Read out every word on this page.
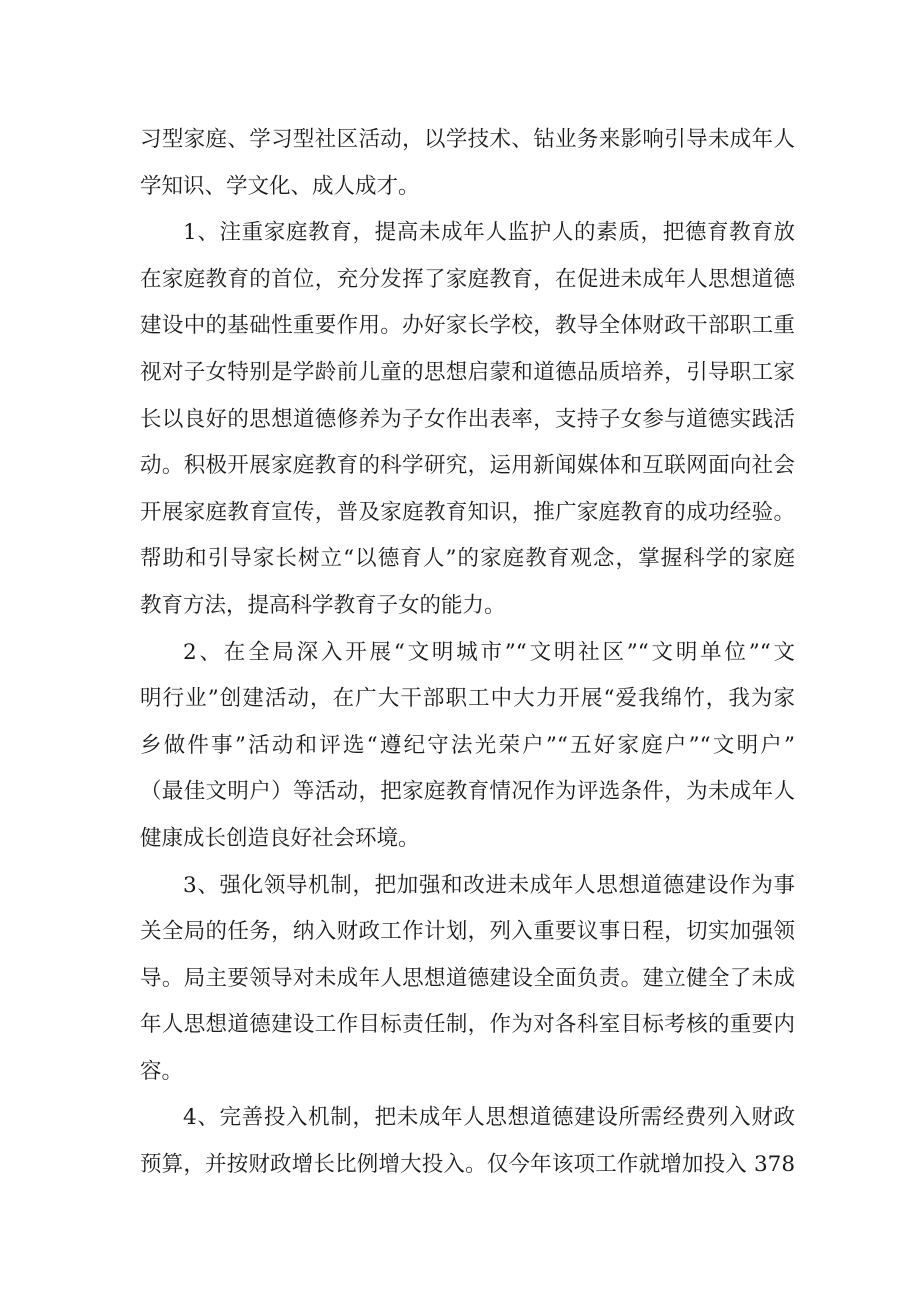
习型家庭、学习型社区活动，以学技术、钻业务来影响引导未成年人
学知识、学文化、成人成才。
1、注重家庭教育，提高未成年人监护人的素质，把德育教育放
在家庭教育的首位，充分发挥了家庭教育，在促进未成年人思想道德
建设中的基础性重要作用。办好家长学校，教导全体财政干部职工重
视对子女特别是学龄前儿童的思想启蒙和道德品质培养，引导职工家
长以良好的思想道德修养为子女作出表率，支持子女参与道德实践活
动。积极开展家庭教育的科学研究，运用新闻媒体和互联网面向社会
开展家庭教育宣传，普及家庭教育知识，推广家庭教育的成功经验。
帮助和引导家长树立“以德育人”的家庭教育观念，掌握科学的家庭
教育方法，提高科学教育子女的能力。
2、在全局深入开展“文明城市”“文明社区”“文明单位”“文
明行业”创建活动，在广大干部职工中大力开展“爱我绵竹，我为家
乡做件事”活动和评选“遵纪守法光荣户”“五好家庭户”“文明户”
（最佳文明户）等活动，把家庭教育情况作为评选条件，为未成年人
健康成长创造良好社会环境。
3、强化领导机制，把加强和改进未成年人思想道德建设作为事
关全局的任务，纳入财政工作计划，列入重要议事日程，切实加强领
导。局主要领导对未成年人思想道德建设全面负责。建立健全了未成
年人思想道德建设工作目标责任制，作为对各科室目标考核的重要内
容。
4、完善投入机制，把未成年人思想道德建设所需经费列入财政
预算，并按财政增长比例增大投入。仅今年该项工作就增加投入 378
